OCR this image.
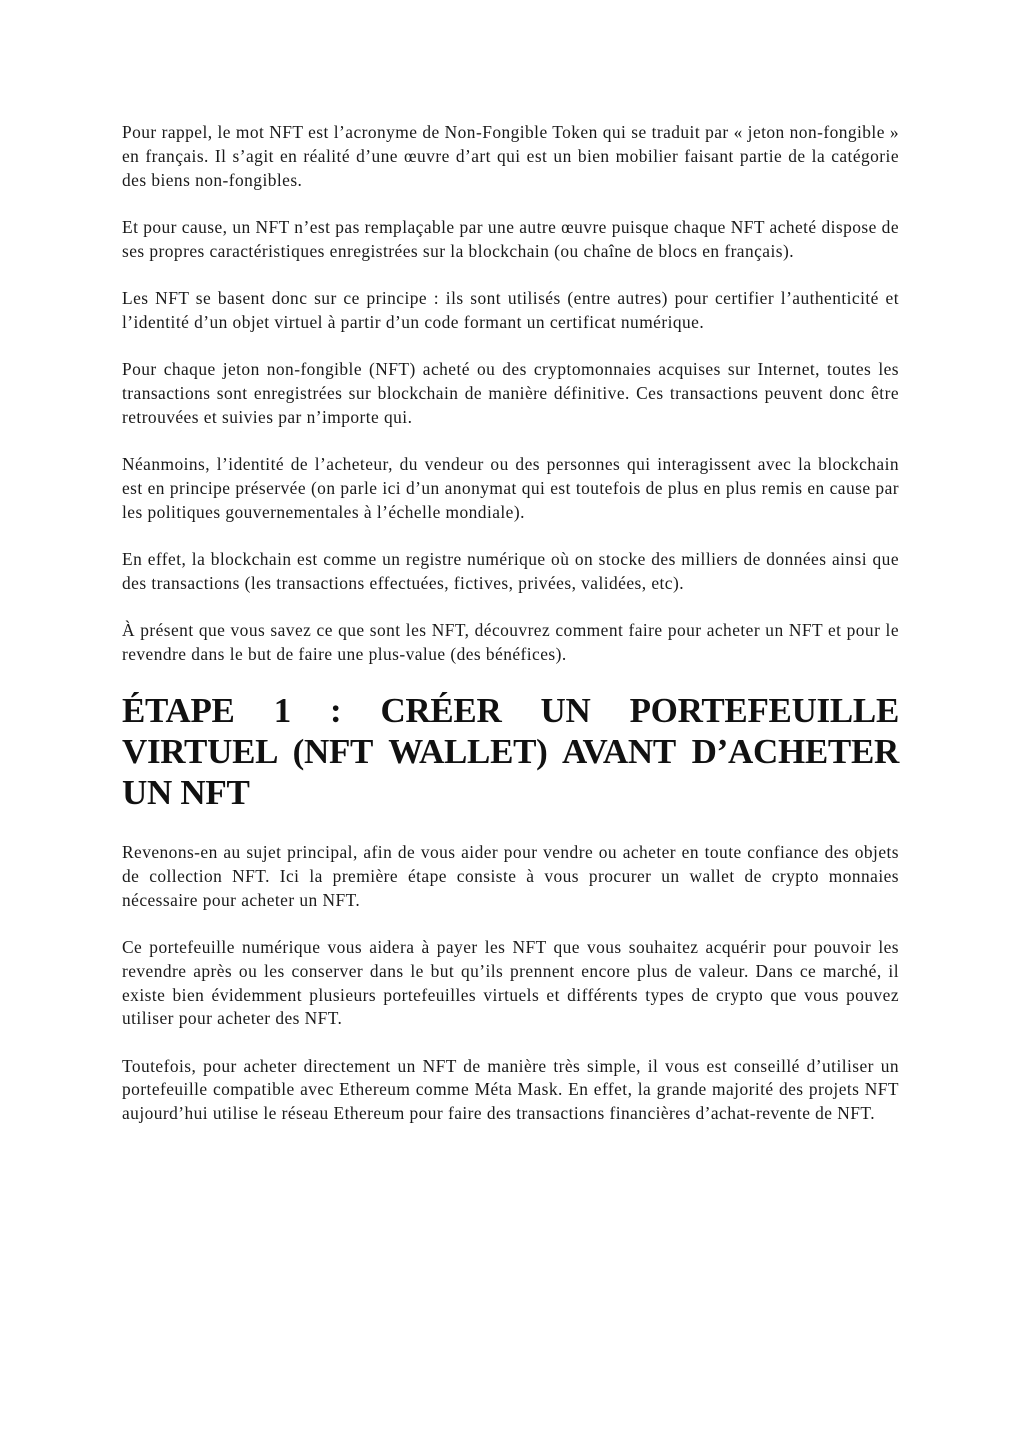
Pour rappel, le mot NFT est l’acronyme de Non-Fongible Token qui se traduit par « jeton non-fongible » en français. Il s’agit en réalité d’une œuvre d’art qui est un bien mobilier faisant partie de la catégorie des biens non-fongibles.

Et pour cause, un NFT n’est pas remplaçable par une autre œuvre puisque chaque NFT acheté dispose de ses propres caractéristiques enregistrées sur la blockchain (ou chaîne de blocs en français).

Les NFT se basent donc sur ce principe : ils sont utilisés (entre autres) pour certifier l’authenticité et l’identité d’un objet virtuel à partir d’un code formant un certificat numérique.

Pour chaque jeton non-fongible (NFT) acheté ou des cryptomonnaies acquises sur Internet, toutes les transactions sont enregistrées sur blockchain de manière définitive. Ces transactions peuvent donc être retrouvées et suivies par n’importe qui.

Néanmoins, l’identité de l’acheteur, du vendeur ou des personnes qui interagissent avec la blockchain est en principe préservée (on parle ici d’un anonymat qui est toutefois de plus en plus remis en cause par les politiques gouvernementales à l’échelle mondiale).

En effet, la blockchain est comme un registre numérique où on stocke des milliers de données ainsi que des transactions (les transactions effectuées, fictives, privées, validées, etc).

À présent que vous savez ce que sont les NFT, découvrez comment faire pour acheter un NFT et pour le revendre dans le but de faire une plus-value (des bénéfices).

ÉTAPE 1 : CRÉER UN PORTEFEUILLE VIRTUEL (NFT WALLET) AVANT D’ACHETER UN NFT

Revenons-en au sujet principal, afin de vous aider pour vendre ou acheter en toute confiance des objets de collection NFT. Ici la première étape consiste à vous procurer un wallet de crypto monnaies nécessaire pour acheter un NFT.

Ce portefeuille numérique vous aidera à payer les NFT que vous souhaitez acquérir pour pouvoir les revendre après ou les conserver dans le but qu’ils prennent encore plus de valeur. Dans ce marché, il existe bien évidemment plusieurs portefeuilles virtuels et différents types de crypto que vous pouvez utiliser pour acheter des NFT.

Toutefois, pour acheter directement un NFT de manière très simple, il vous est conseillé d’utiliser un portefeuille compatible avec Ethereum comme Méta Mask. En effet, la grande majorité des projets NFT aujourd’hui utilise le réseau Ethereum pour faire des transactions financières d’achat-revente de NFT.
